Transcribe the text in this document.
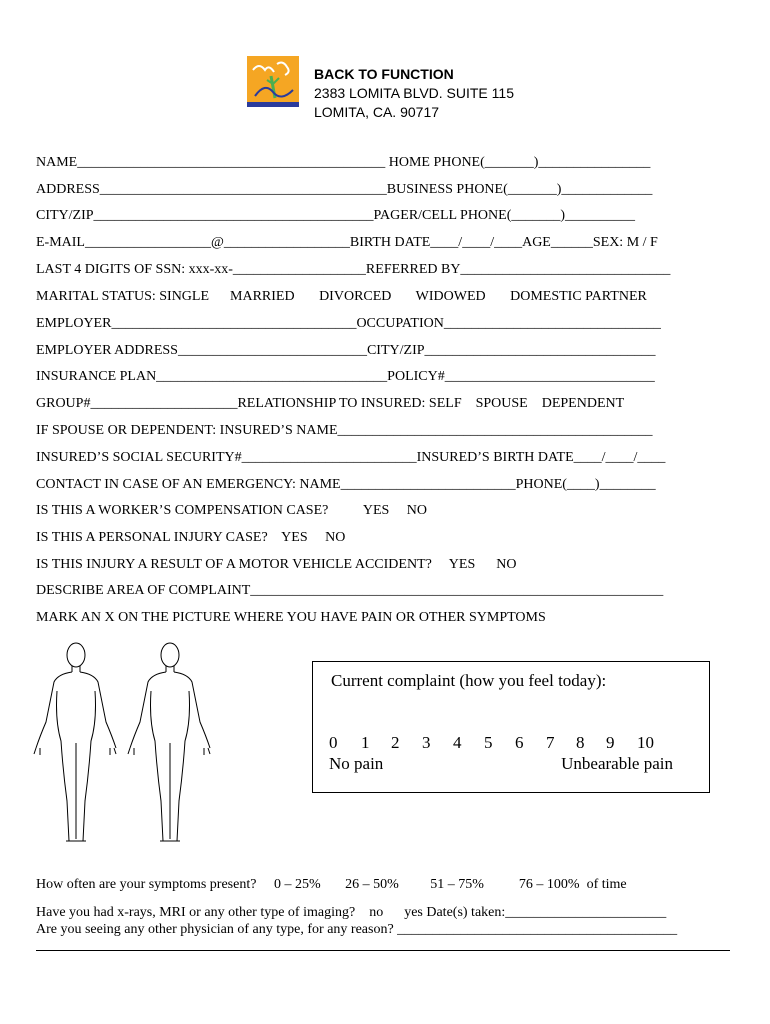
BACK TO FUNCTION
2383 LOMITA BLVD. SUITE 115
LOMITA, CA. 90717
NAME____________________________________________ HOME PHONE(_______)________________
ADDRESS_________________________________________BUSINESS PHONE(_______)_____________
CITY/ZIP________________________________________PAGER/CELL PHONE(_______)__________
E-MAIL__________________@__________________BIRTH DATE____/____/____AGE______SEX: M / F
LAST 4 DIGITS OF SSN: xxx-xx-___________________REFERRED BY______________________________
MARITAL STATUS: SINGLE      MARRIED       DIVORCED       WIDOWED       DOMESTIC PARTNER
EMPLOYER___________________________________OCCUPATION_______________________________
EMPLOYER ADDRESS___________________________CITY/ZIP_________________________________
INSURANCE PLAN_________________________________POLICY#______________________________
GROUP#_____________________RELATIONSHIP TO INSURED: SELF    SPOUSE    DEPENDENT
IF SPOUSE OR DEPENDENT: INSURED’S NAME_____________________________________________
INSURED’S SOCIAL SECURITY#_________________________INSURED’S BIRTH DATE____/____/____
CONTACT IN CASE OF AN EMERGENCY: NAME_________________________PHONE(____)________
IS THIS A WORKER’S COMPENSATION CASE?          YES     NO
IS THIS A PERSONAL INJURY CASE?    YES     NO
IS THIS INJURY A RESULT OF A MOTOR VEHICLE ACCIDENT?     YES      NO
DESCRIBE AREA OF COMPLAINT___________________________________________________________
MARK AN X ON THE PICTURE WHERE YOU HAVE PAIN OR OTHER SYMPTOMS
Current complaint (how you feel today):
0 1 2 3 4 5 6 7 8 9 10
No pain	Unbearable pain
How often are your symptoms present?     0 – 25%       26 – 50%         51 – 75%          76 – 100%  of time
Have you had x-rays, MRI or any other type of imaging?    no      yes Date(s) taken:_______________________
Are you seeing any other physician of any type, for any reason? ________________________________________
